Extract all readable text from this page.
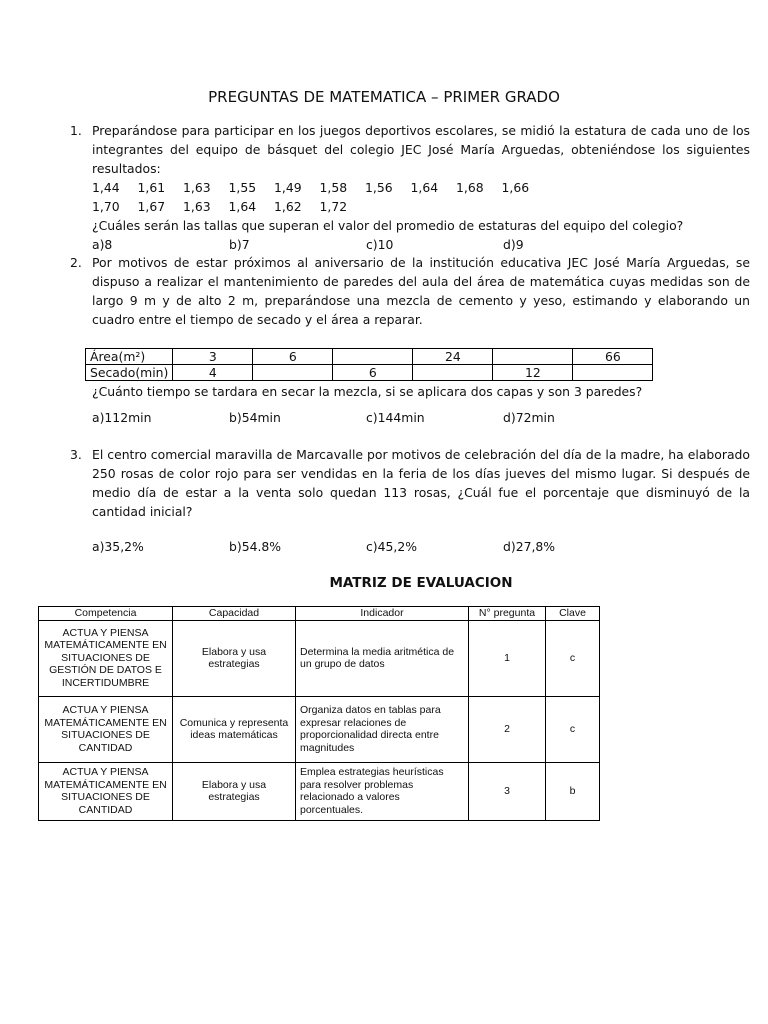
PREGUNTAS DE MATEMATICA – PRIMER GRADO
1. Preparándose para participar en los juegos deportivos escolares, se midió la estatura de cada uno de los integrantes del equipo de básquet del colegio JEC José María Arguedas, obteniéndose los siguientes resultados:
1,44	1,61	1,63	1,55	1,49	1,58	1,56	1,64	1,68	1,66
1,70	1,67	1,63	1,64	1,62	1,72
¿Cuáles serán las tallas que superan el valor del promedio de estaturas del equipo del colegio?
a)8	b)7	c)10	d)9
2. Por motivos de estar próximos al aniversario de la institución educativa JEC José María Arguedas, se dispuso a realizar el mantenimiento de paredes del aula del área de matemática cuyas medidas son de largo 9 m y de alto 2 m, preparándose una mezcla de cemento y yeso, estimando y elaborando un cuadro entre el tiempo de secado y el área a reparar.
Área(m²)	3	6		24		66
Secado(min)	4		6		12	
¿Cuánto tiempo se tardara en secar la mezcla, si se aplicara dos capas y son 3 paredes?
a)112min	b)54min	c)144min	d)72min
3. El centro comercial maravilla de Marcavalle por motivos de celebración del día de la madre, ha elaborado 250 rosas de color rojo para ser vendidas en la feria de los días jueves del mismo lugar. Si después de medio día de estar a la venta solo quedan 113 rosas, ¿Cuál fue el porcentaje que disminuyó de la cantidad inicial?
a)35,2%	b)54.8%	c)45,2%	d)27,8%
MATRIZ DE EVALUACION
Competencia	Capacidad	Indicador	N° pregunta	Clave
ACTUA Y PIENSA MATEMÁTICAMENTE EN SITUACIONES DE GESTIÓN DE DATOS E INCERTIDUMBRE	Elabora y usa estrategias	Determina la media aritmética de un grupo de datos	1	c
ACTUA Y PIENSA MATEMÁTICAMENTE EN SITUACIONES DE CANTIDAD	Comunica y representa ideas matemáticas	Organiza datos en tablas para expresar relaciones de proporcionalidad directa entre magnitudes	2	c
ACTUA Y PIENSA MATEMÁTICAMENTE EN SITUACIONES DE CANTIDAD	Elabora y usa estrategias	Emplea estrategias heurísticas para resolver problemas relacionado a valores porcentuales.	3	b
